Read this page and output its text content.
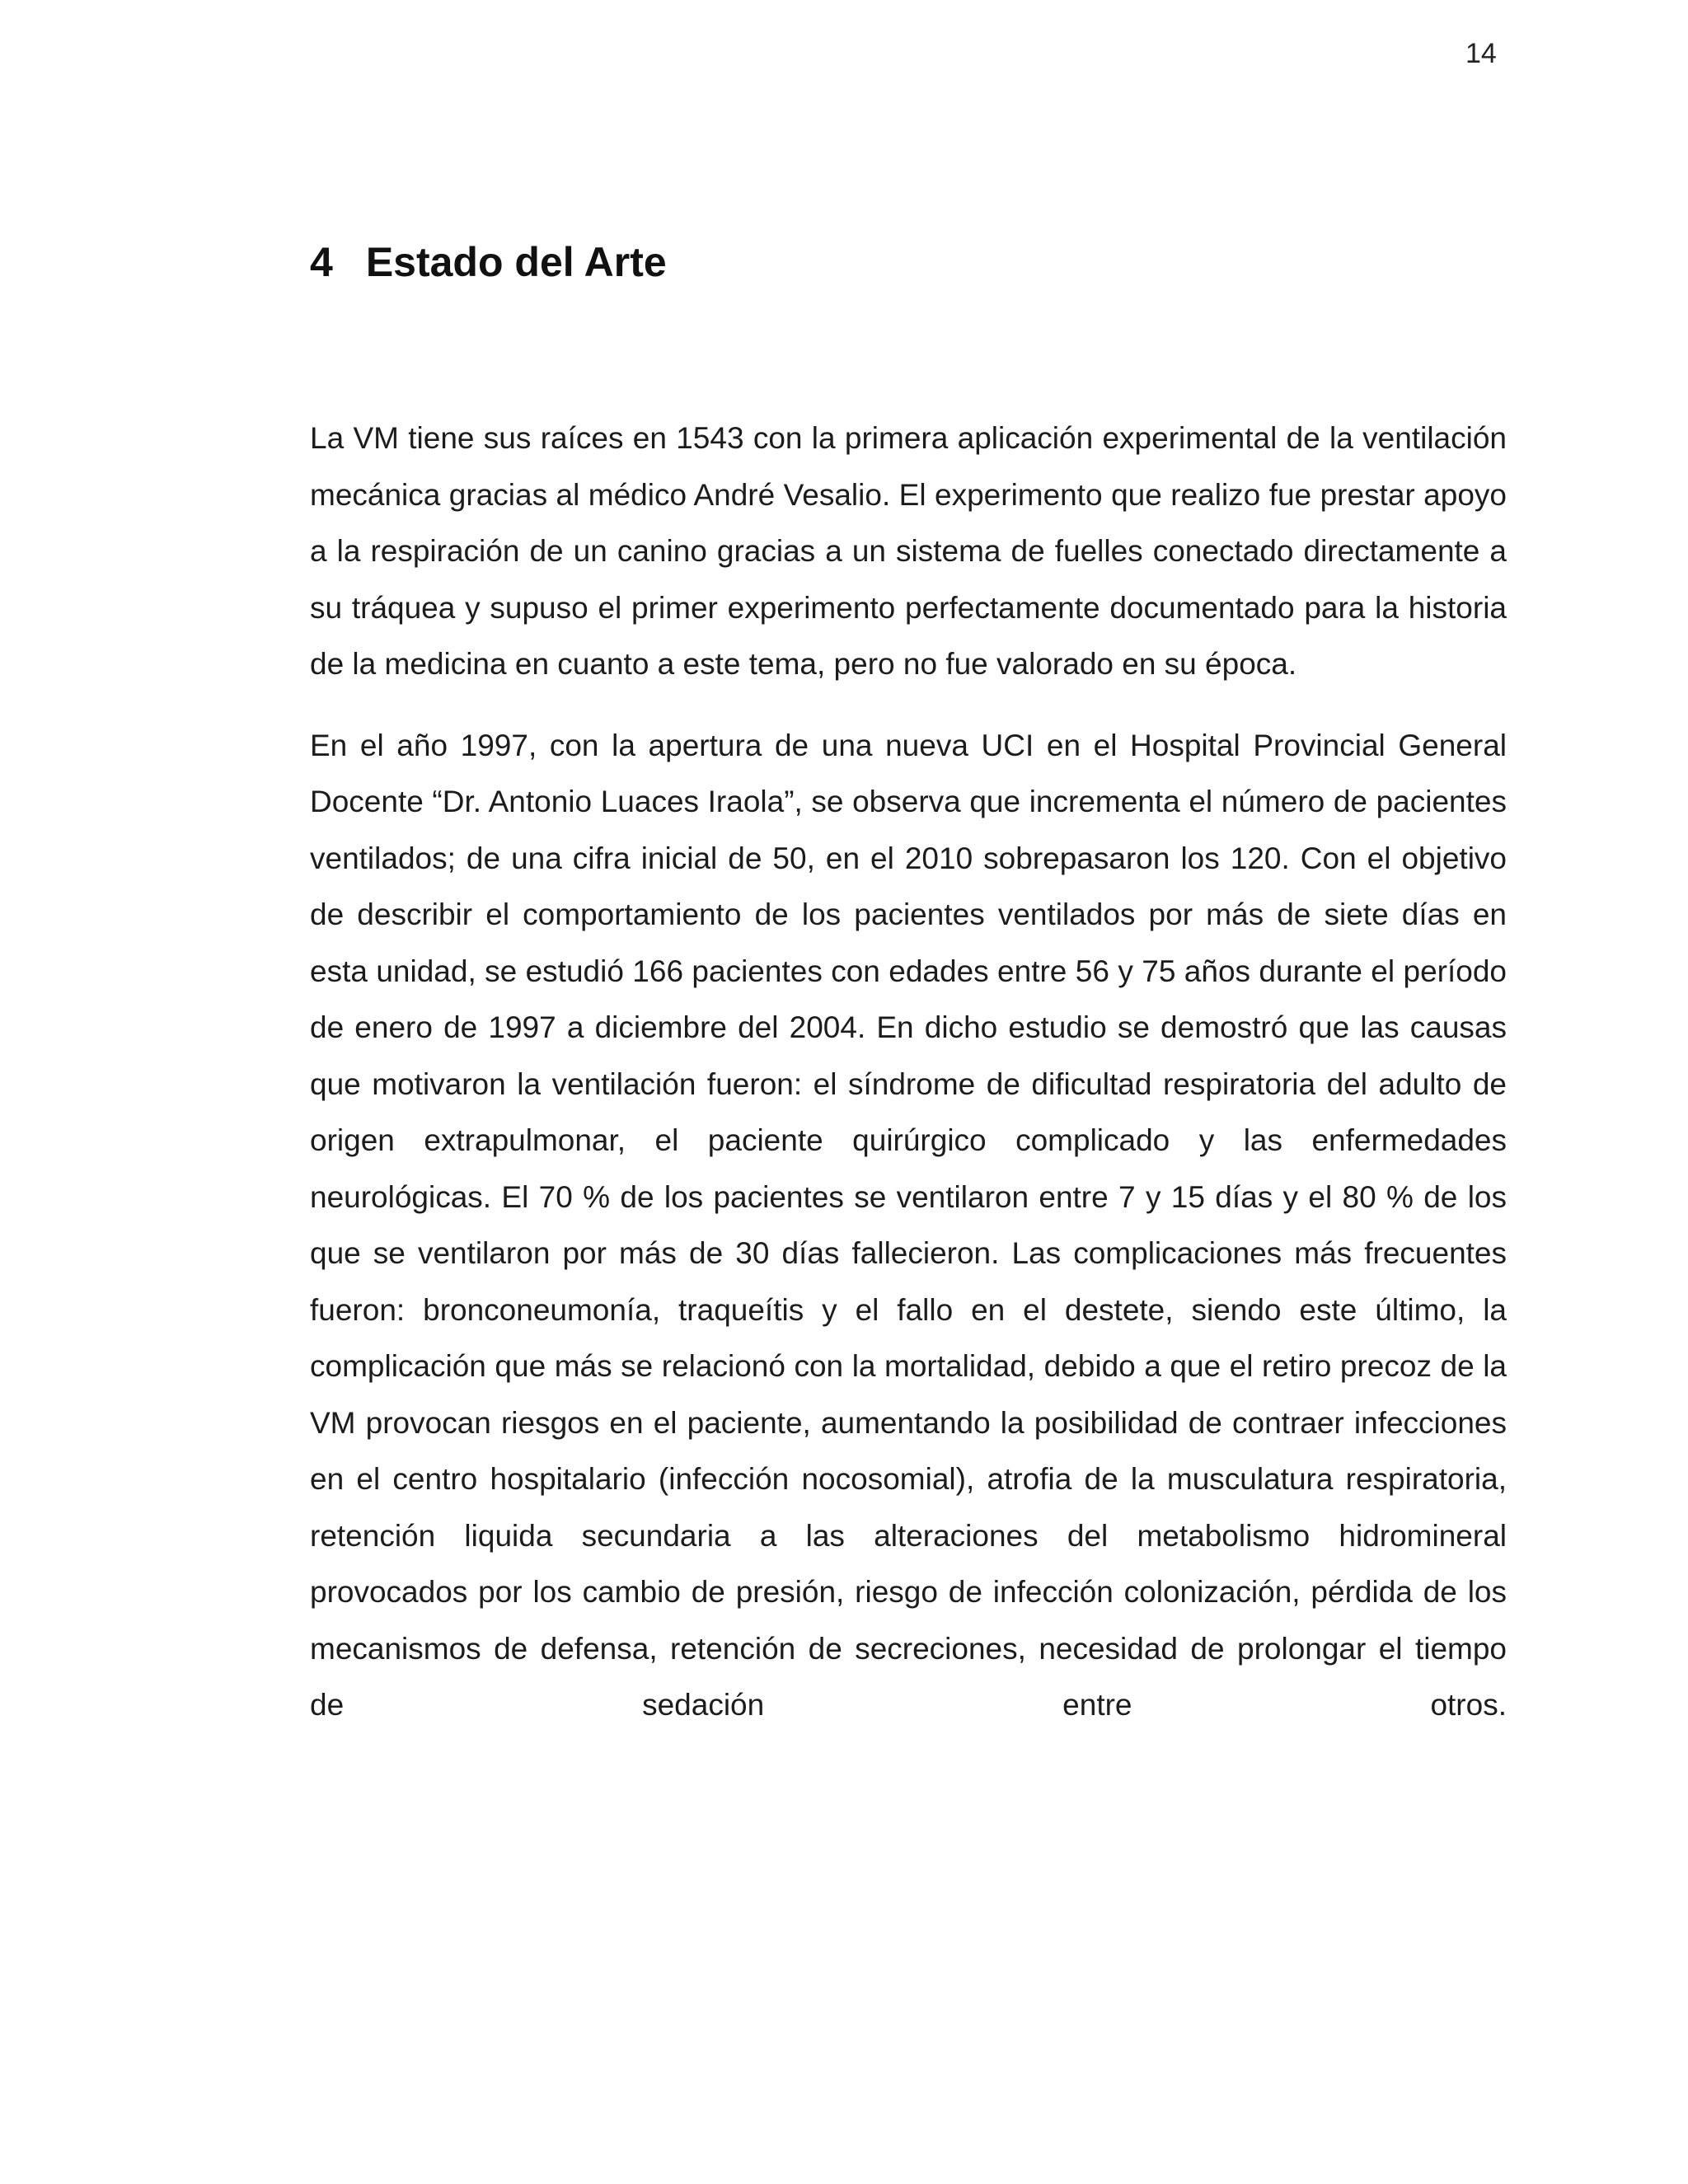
14
4 Estado del Arte

La VM tiene sus raíces en 1543 con la primera aplicación experimental de la ventilación mecánica gracias al médico André Vesalio. El experimento que realizo fue prestar apoyo a la respiración de un canino gracias a un sistema de fuelles conectado directamente a su tráquea y supuso el primer experimento perfectamente documentado para la historia de la medicina en cuanto a este tema, pero no fue valorado en su época.

En el año 1997, con la apertura de una nueva UCI en el Hospital Provincial General Docente “Dr. Antonio Luaces Iraola”, se observa que incrementa el número de pacientes ventilados; de una cifra inicial de 50, en el 2010 sobrepasaron los 120. Con el objetivo de describir el comportamiento de los pacientes ventilados por más de siete días en esta unidad, se estudió 166 pacientes con edades entre 56 y 75 años durante el período de enero de 1997 a diciembre del 2004. En dicho estudio se demostró que las causas que motivaron la ventilación fueron: el síndrome de dificultad respiratoria del adulto de origen extrapulmonar, el paciente quirúrgico complicado y las enfermedades neurológicas. El 70 % de los pacientes se ventilaron entre 7 y 15 días y el 80 % de los que se ventilaron por más de 30 días fallecieron. Las complicaciones más frecuentes fueron: bronconeumonía, traqueítis y el fallo en el destete, siendo este último, la complicación que más se relacionó con la mortalidad, debido a que el retiro precoz de la VM provocan riesgos en el paciente, aumentando la posibilidad de contraer infecciones en el centro hospitalario (infección nocosomial), atrofia de la musculatura respiratoria, retención liquida secundaria a las alteraciones del metabolismo hidromineral provocados por los cambio de presión, riesgo de infección colonización, pérdida de los mecanismos de defensa, retención de secreciones, necesidad de prolongar el tiempo de sedación entre otros.
